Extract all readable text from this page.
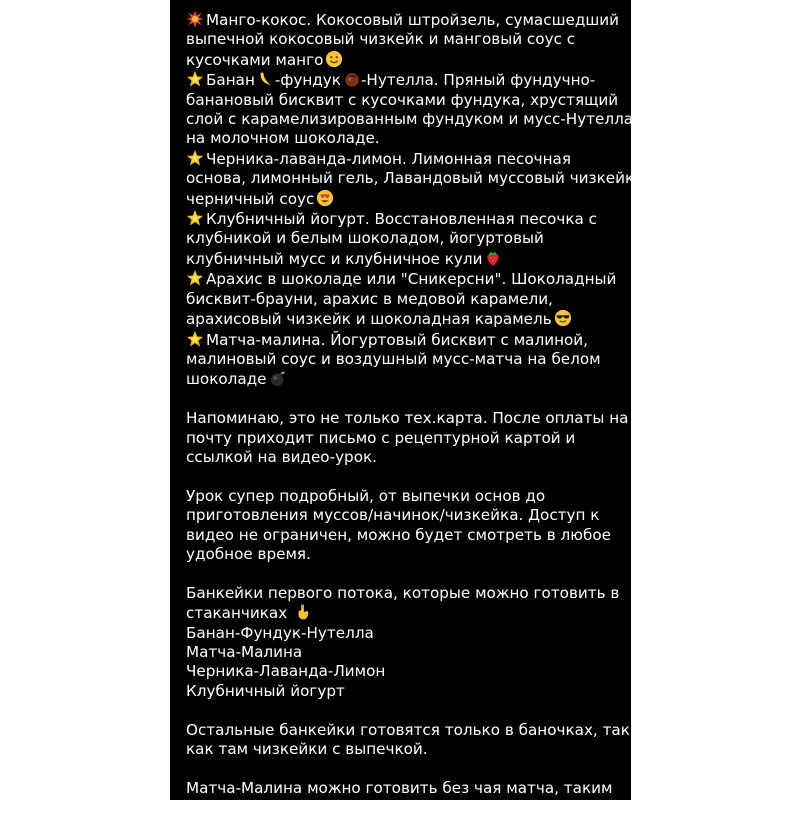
Манго-кокос. Кокосовый штройзель, сумасшедший
выпечной кокосовый чизкейк и манговый соус с
кусочками манго
Банан -фундук -Нутелла. Пряный фундучно-
банановый бисквит с кусочками фундука, хрустящий
слой с карамелизированным фундуком и мусс-Нутелла
на молочном шоколаде.
Черника-лаванда-лимон. Лимонная песочная
основа, лимонный гель, Лавандовый муссовый чизкейк,
черничный соус
Клубничный йогурт. Восстановленная песочка с
клубникой и белым шоколадом, йогуртовый
клубничный мусс и клубничное кули
Арахис в шоколаде или "Сникерсни". Шоколадный
бисквит-брауни, арахис в медовой карамели,
арахисовый чизкейк и шоколадная карамель
Матча-малина. Йогуртовый бисквит с малиной,
малиновый соус и воздушный мусс-матча на белом
шоколаде
Напоминаю, это не только тех.карта. После оплаты на
почту приходит письмо с рецептурной картой и
ссылкой на видео-урок.
Урок супер подробный, от выпечки основ до
приготовления муссов/начинок/чизкейка. Доступ к
видео не ограничен, можно будет смотреть в любое
удобное время.
Банкейки первого потока, которые можно готовить в
стаканчиках
Банан-Фундук-Нутелла
Матча-Малина
Черника-Лаванда-Лимон
Клубничный йогурт
Остальные банкейки готовятся только в баночках, так
как там чизкейки с выпечкой.
Матча-Малина можно готовить без чая матча, таким
образом у вас получится вкус Малина-ваниль.
